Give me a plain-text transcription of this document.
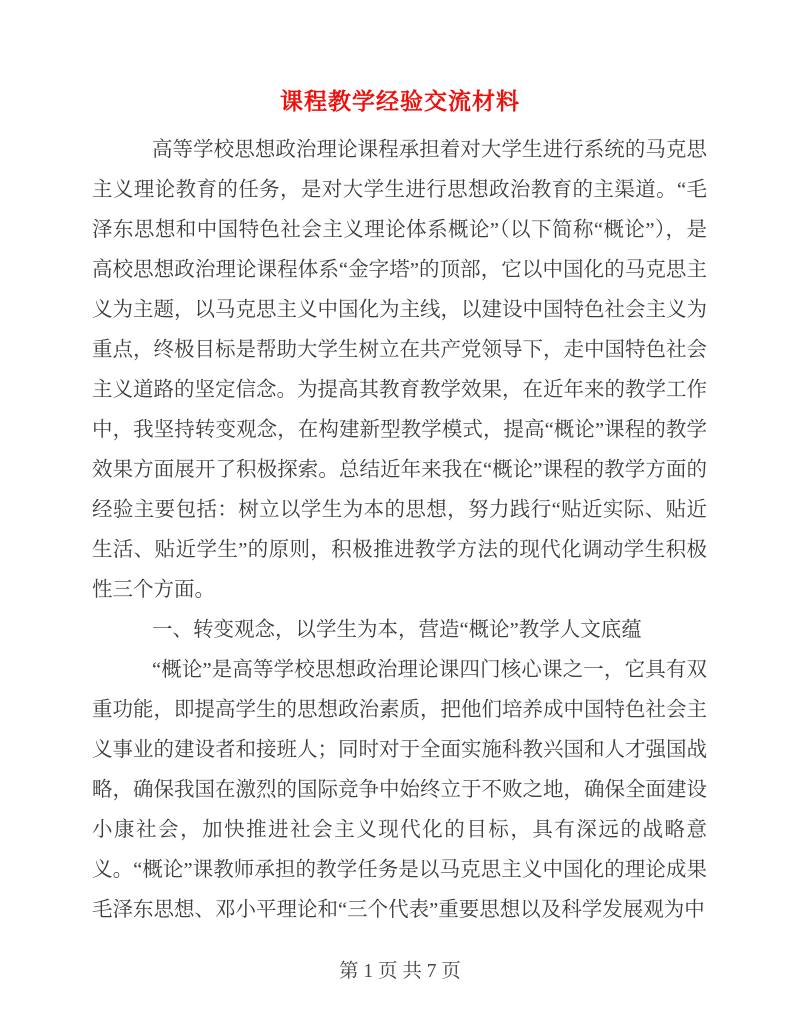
课程教学经验交流材料

高等学校思想政治理论课程承担着对大学生进行系统的马克思主义理论教育的任务，是对大学生进行思想政治教育的主渠道。“毛泽东思想和中国特色社会主义理论体系概论”（以下简称“概论”），是高校思想政治理论课程体系“金字塔”的顶部，它以中国化的马克思主义为主题，以马克思主义中国化为主线，以建设中国特色社会主义为重点，终极目标是帮助大学生树立在共产党领导下，走中国特色社会主义道路的坚定信念。为提高其教育教学效果，在近年来的教学工作中，我坚持转变观念，在构建新型教学模式，提高“概论”课程的教学效果方面展开了积极探索。总结近年来我在“概论”课程的教学方面的经验主要包括：树立以学生为本的思想，努力践行“贴近实际、贴近生活、贴近学生”的原则，积极推进教学方法的现代化调动学生积极性三个方面。

一、转变观念，以学生为本，营造“概论”教学人文底蕴

“概论”是高等学校思想政治理论课四门核心课之一，它具有双重功能，即提高学生的思想政治素质，把他们培养成中国特色社会主义事业的建设者和接班人；同时对于全面实施科教兴国和人才强国战略，确保我国在激烈的国际竞争中始终立于不败之地，确保全面建设小康社会，加快推进社会主义现代化的目标，具有深远的战略意义。“概论”课教师承担的教学任务是以马克思主义中国化的理论成果毛泽东思想、邓小平理论和“三个代表”重要思想以及科学发展观为中

第 1 页 共 7 页
